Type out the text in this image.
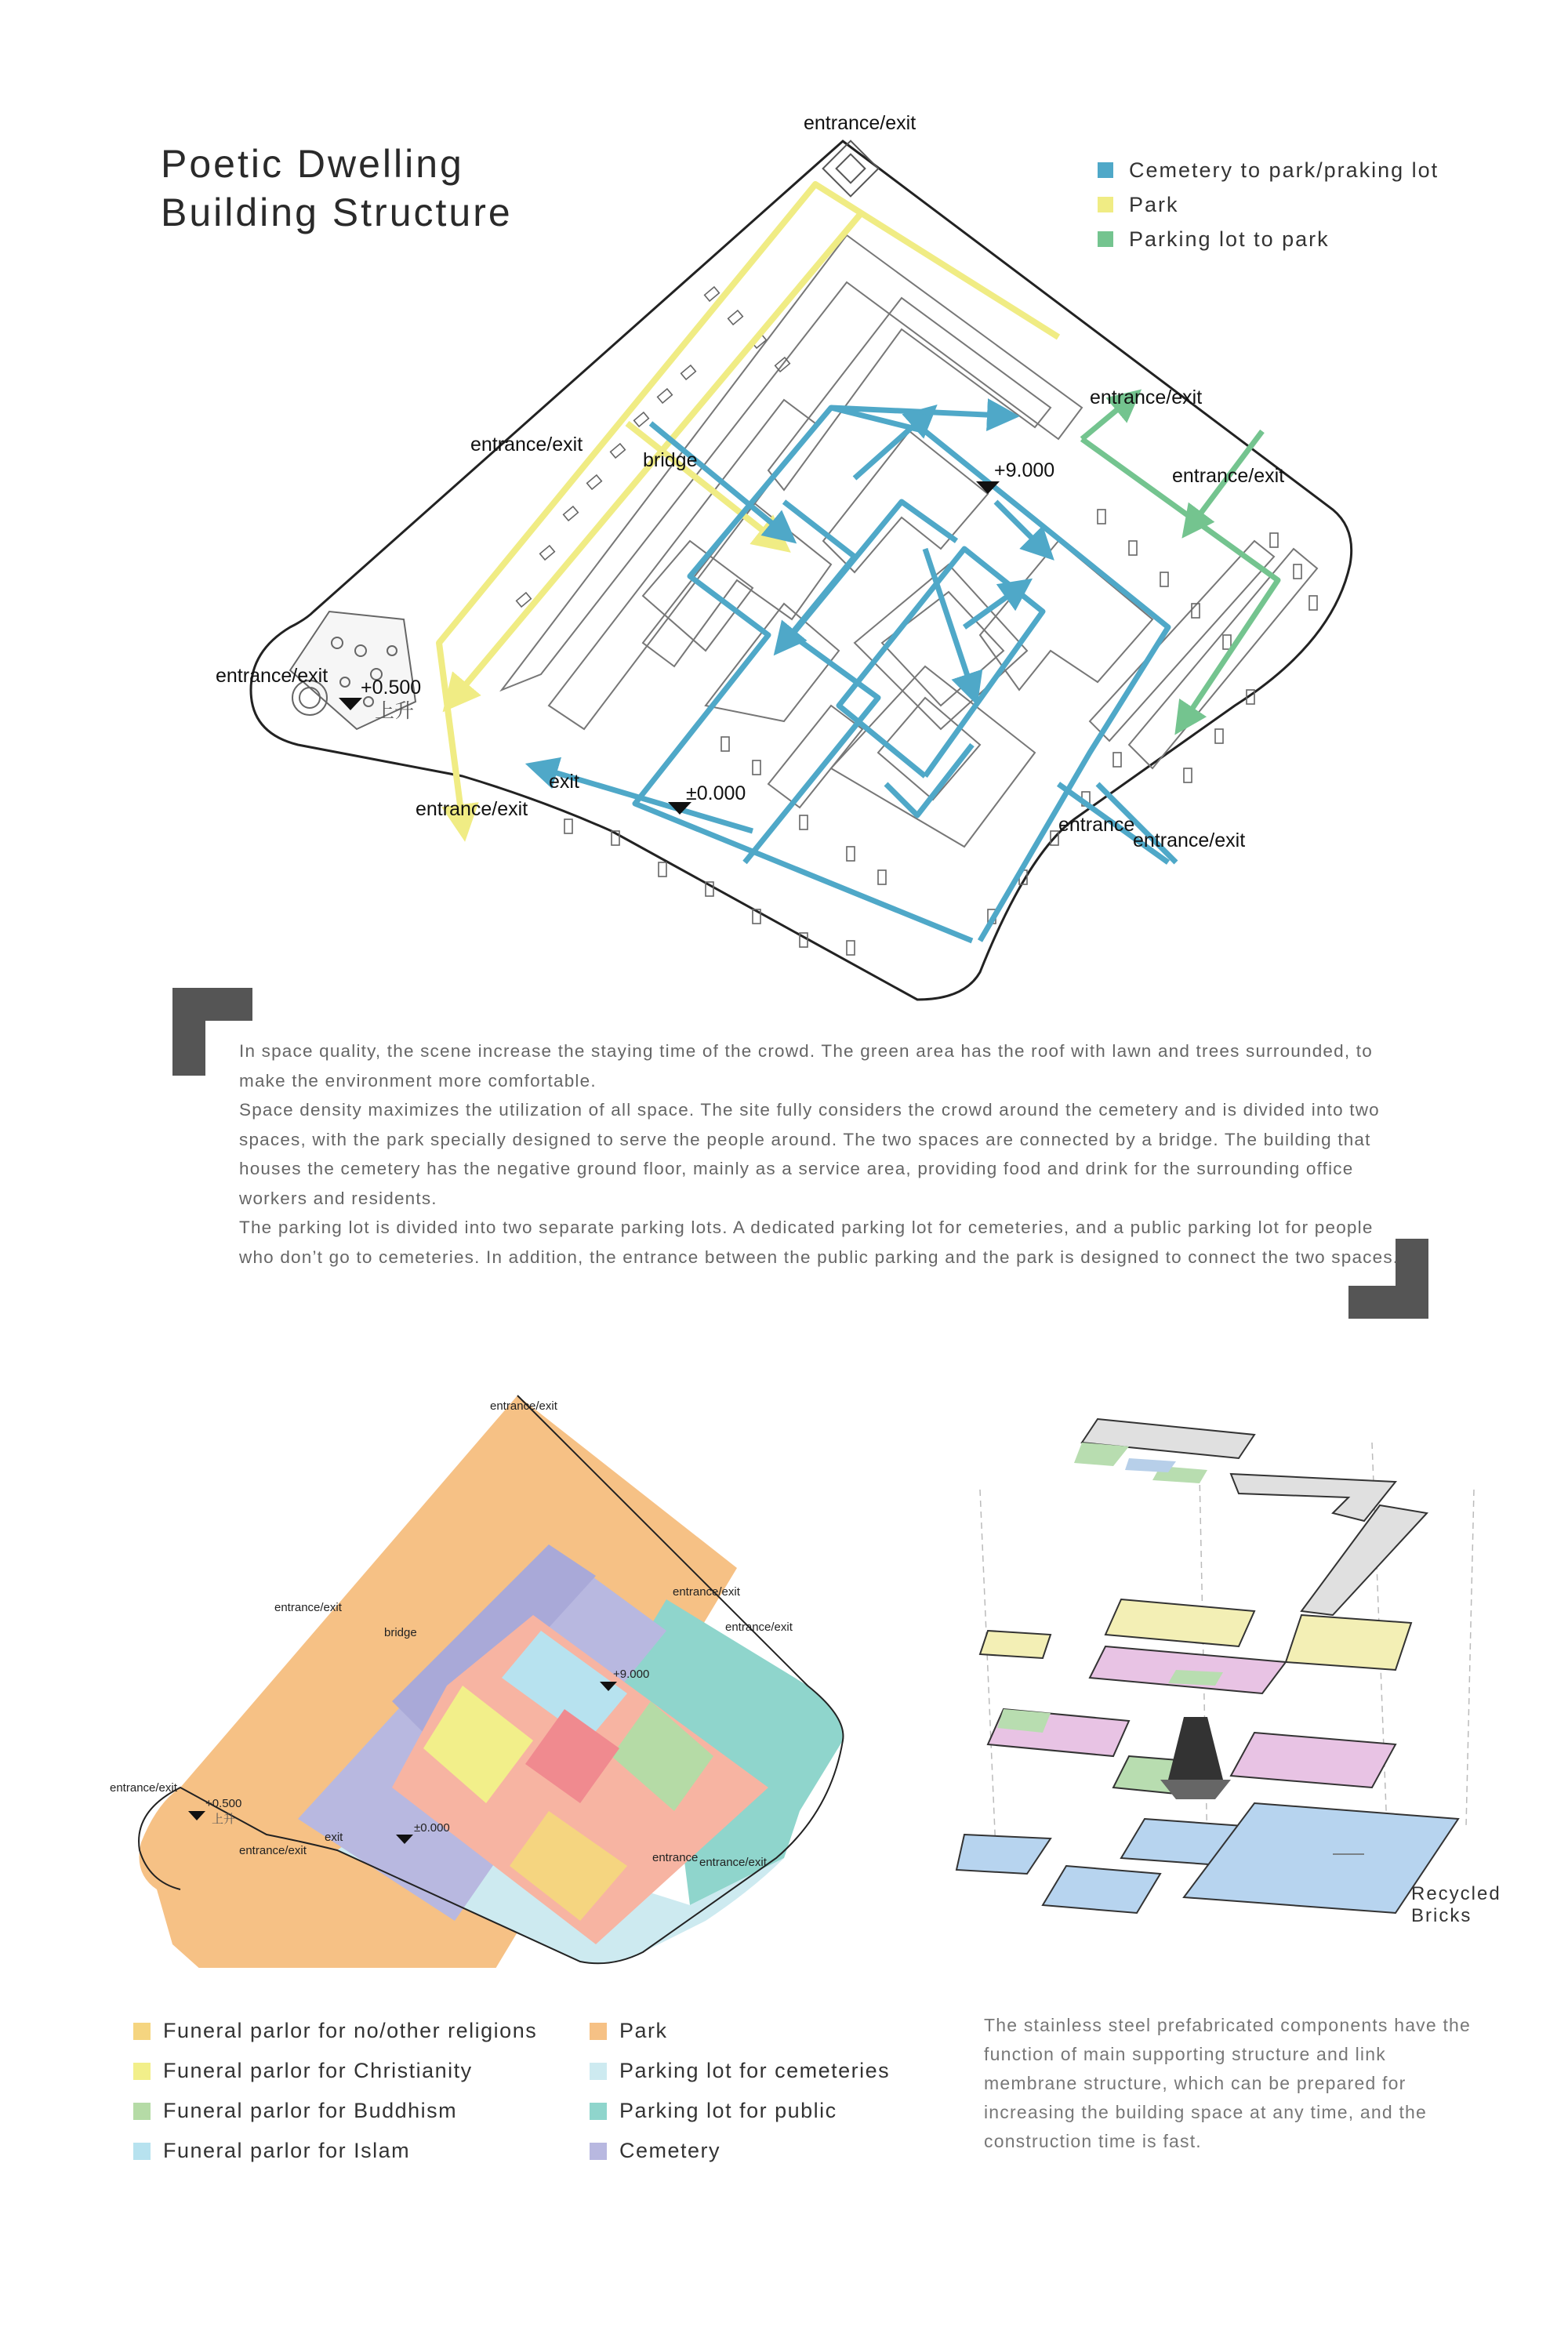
Poetic Dwelling
Building Structure
Cemetery to park/praking lot
Park
Parking lot to park
entrance/exit
entrance/exit
entrance/exit
entrance/exit
entrance/exit
entrance/exit
entrance/exit
entrance
bridge
exit
+9.000
±0.000
+0.500
上升

In space quality, the scene increase the staying time of the crowd. The green area has the roof with lawn and trees surrounded, to make the environment more comfortable.

Space density maximizes the utilization of all space. The site fully considers the crowd around the cemetery and is divided into two spaces, with the park specially designed to serve the people around. The two spaces are connected by a bridge. The building that houses the cemetery has the negative ground floor, mainly as a service area, providing food and drink for the surrounding office workers and residents.

The parking lot is divided into two separate parking lots. A dedicated parking lot for cemeteries, and a public parking lot for people who don’t go to cemeteries. In addition, the entrance between the public parking and the park is designed to connect the two spaces.

entrance/exit
entrance/exit
entrance/exit
entrance/exit
entrance/exit
entrance/exit
entrance/exit
entrance
bridge
exit
+9.000
±0.000
+0.500
上升
Recycled
Bricks
Funeral parlor for no/other religions
Funeral parlor for Christianity
Funeral parlor for Buddhism
Funeral parlor for Islam
Park
Parking lot for cemeteries
Parking lot for public
Cemetery
The stainless steel prefabricated components have the function of main supporting structure and link membrane structure, which can be prepared for increasing the building space at any time, and the construction time is fast.
